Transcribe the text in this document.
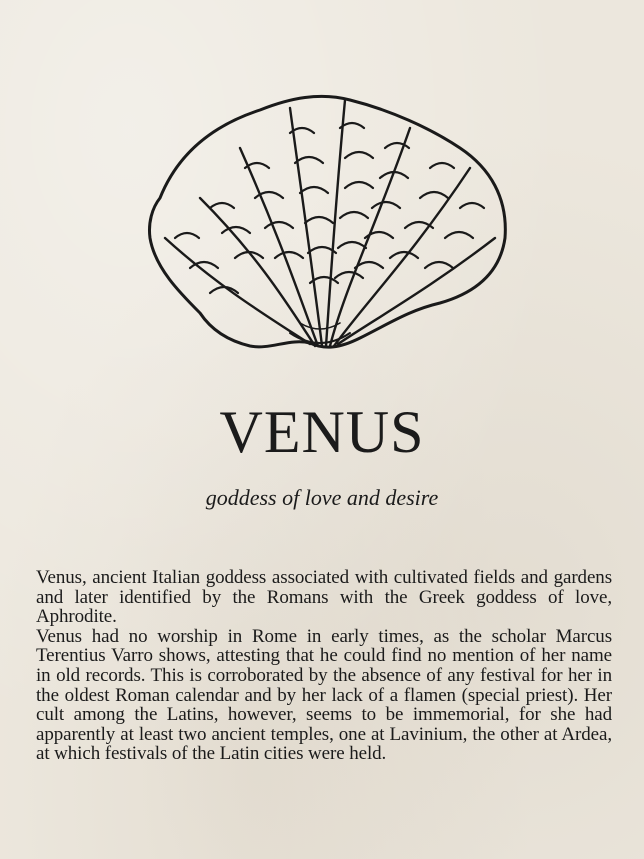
VENUS

goddess of love and desire

Venus, ancient Italian goddess associated with cultivated fields and gardens and later identified by the Romans with the Greek goddess of love, Aphrodite.

Venus had no worship in Rome in early times, as the scholar Marcus Terentius Varro shows, attesting that he could find no mention of her name in old records. This is corroborated by the absence of any festival for her in the oldest Roman calendar and by her lack of a flamen (special priest). Her cult among the Latins, however, seems to be immemorial, for she had apparently at least two ancient temples, one at Lavinium, the other at Ardea, at which festivals of the Latin cities were held.
